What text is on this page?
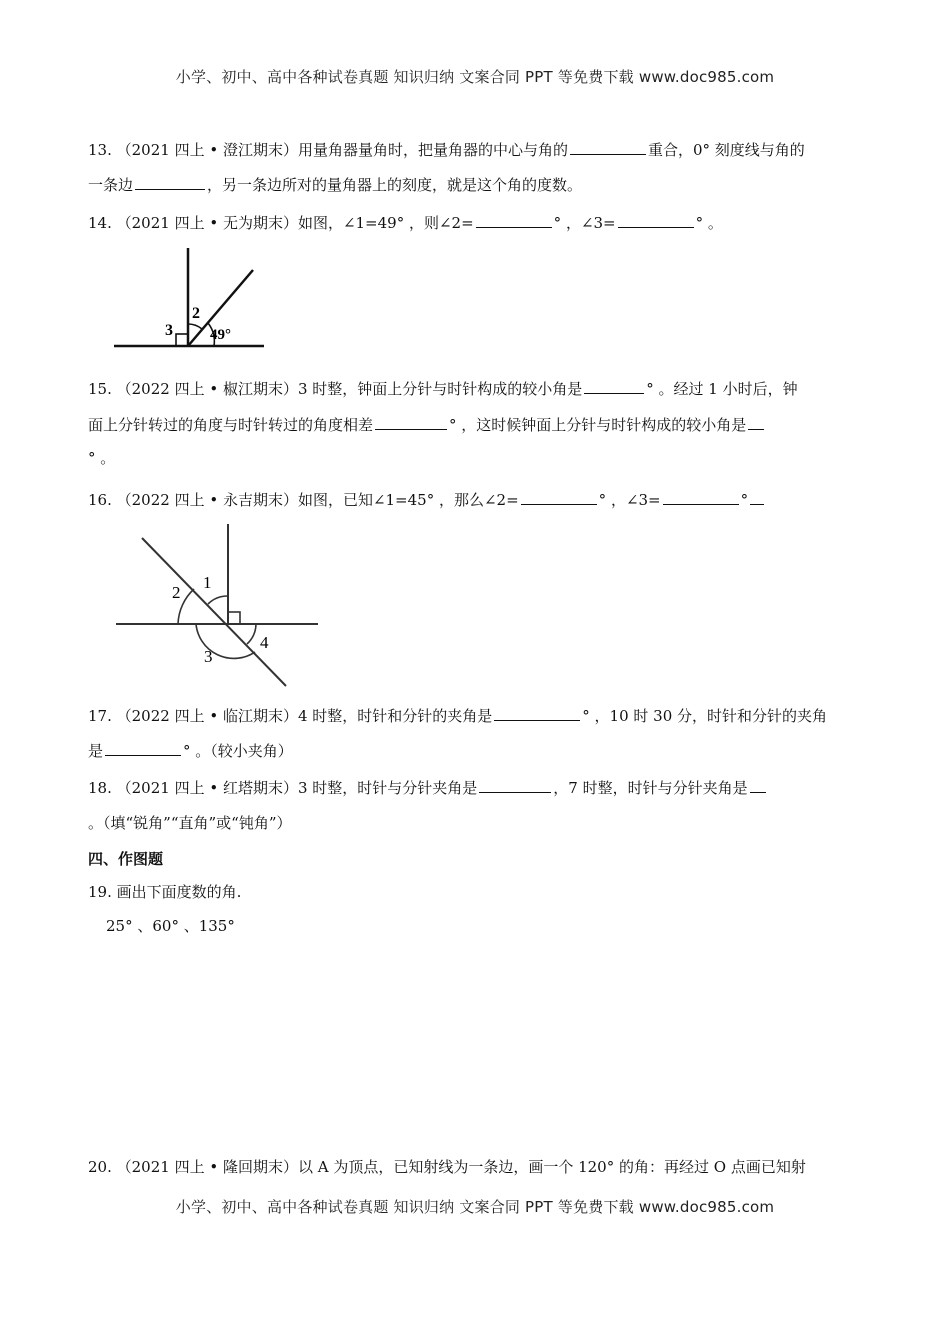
小学、初中、高中各种试卷真题 知识归纳 文案合同 PPT 等免费下载 www.doc985.com
13. （2021 四上 • 澄江期末）用量角器量角时，把量角器的中心与角的	重合，0° 刻度线与角的
一条边	，另一条边所对的量角器上的刻度，就是这个角的度数。
14. （2021 四上 • 无为期末）如图，∠1=49° ，则∠2=	° ，∠3=	° 。
3
2
49°
15. （2022 四上 • 椒江期末）3 时整，钟面上分针与时针构成的较小角是	° 。经过 1 小时后，钟
面上分针转过的角度与时针转过的角度相差	° ，这时候钟面上分针与时针构成的较小角是
° 。
16. （2022 四上 • 永吉期末）如图，已知∠1=45° ，那么∠2=	° ，∠3=	°
1
2
3
4
17. （2022 四上 • 临江期末）4 时整，时针和分针的夹角是	° ，10 时 30 分，时针和分针的夹角
是	° 。（较小夹角）
18. （2021 四上 • 红塔期末）3 时整，时针与分针夹角是	，7 时整，时针与分针夹角是
。（填“锐角”“直角”或“钝角”）
四、作图题
19. 画出下面度数的角.
25° 、60° 、135°
20. （2021 四上 • 隆回期末）以 A 为顶点，已知射线为一条边，画一个 120° 的角：再经过 O 点画已知射
小学、初中、高中各种试卷真题 知识归纳 文案合同 PPT 等免费下载 www.doc985.com
